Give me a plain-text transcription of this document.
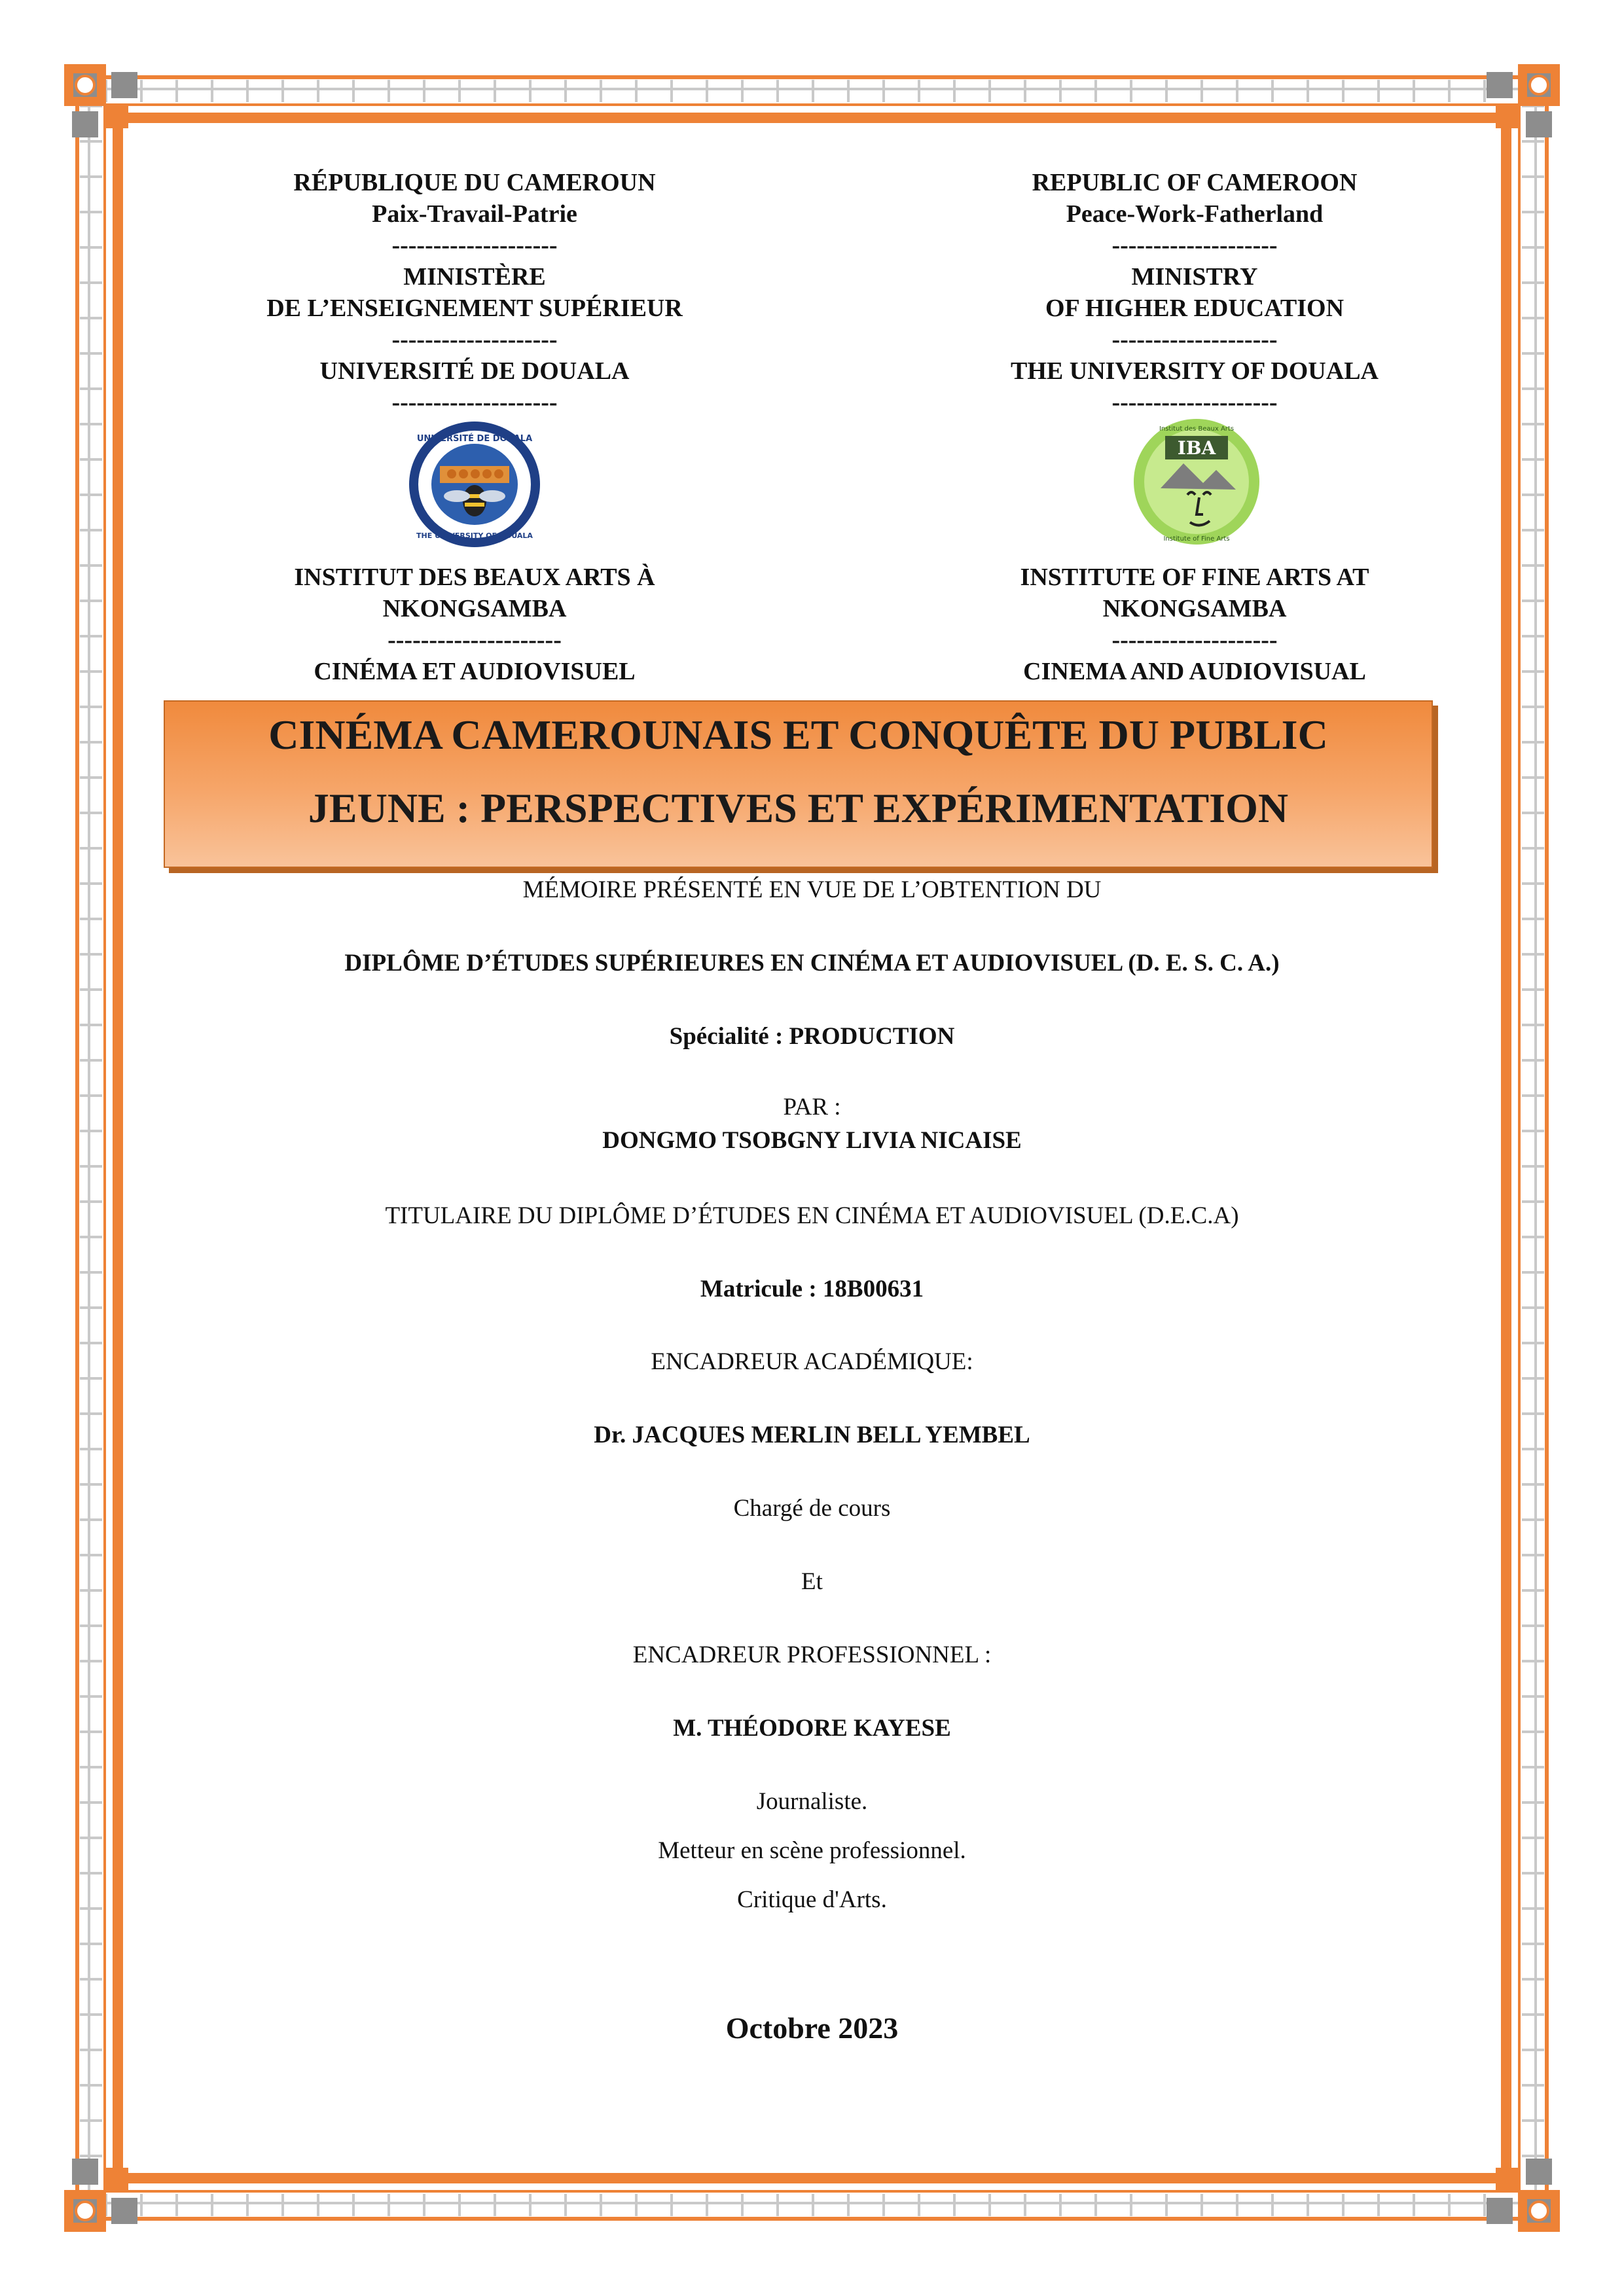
RÉPUBLIQUE DU CAMEROUN
Paix-Travail-Patrie
--------------------
MINISTÈRE
DE L’ENSEIGNEMENT SUPÉRIEUR
--------------------
UNIVERSITÉ DE DOUALA
--------------------
REPUBLIC OF CAMEROON
Peace-Work-Fatherland
--------------------
MINISTRY
OF HIGHER EDUCATION
--------------------
THE UNIVERSITY OF DOUALA
--------------------
UNIVERSITÉ DE DOUALA
THE UNIVERSITY OF DOUALA
IBA
Institut des Beaux Arts
Institute of Fine Arts
INSTITUT DES BEAUX ARTS À
NKONGSAMBA
---------------------
CINÉMA ET AUDIOVISUEL
INSTITUTE OF FINE ARTS AT
NKONGSAMBA
--------------------
CINEMA AND AUDIOVISUAL
CINÉMA CAMEROUNAIS ET CONQUÊTE DU PUBLIC
JEUNE : PERSPECTIVES ET EXPÉRIMENTATION
MÉMOIRE PRÉSENTÉ EN VUE DE L’OBTENTION DU
DIPLÔME D’ÉTUDES SUPÉRIEURES EN CINÉMA ET AUDIOVISUEL (D. E. S. C. A.)
Spécialité : PRODUCTION
PAR :
DONGMO TSOBGNY LIVIA NICAISE
TITULAIRE DU DIPLÔME D’ÉTUDES EN CINÉMA ET AUDIOVISUEL (D.E.C.A)
Matricule : 18B00631
ENCADREUR ACADÉMIQUE:
Dr. JACQUES MERLIN BELL YEMBEL
Chargé de cours
Et
ENCADREUR PROFESSIONNEL :
M. THÉODORE KAYESE
Journaliste.
Metteur en scène professionnel.
Critique d'Arts.
Octobre 2023
